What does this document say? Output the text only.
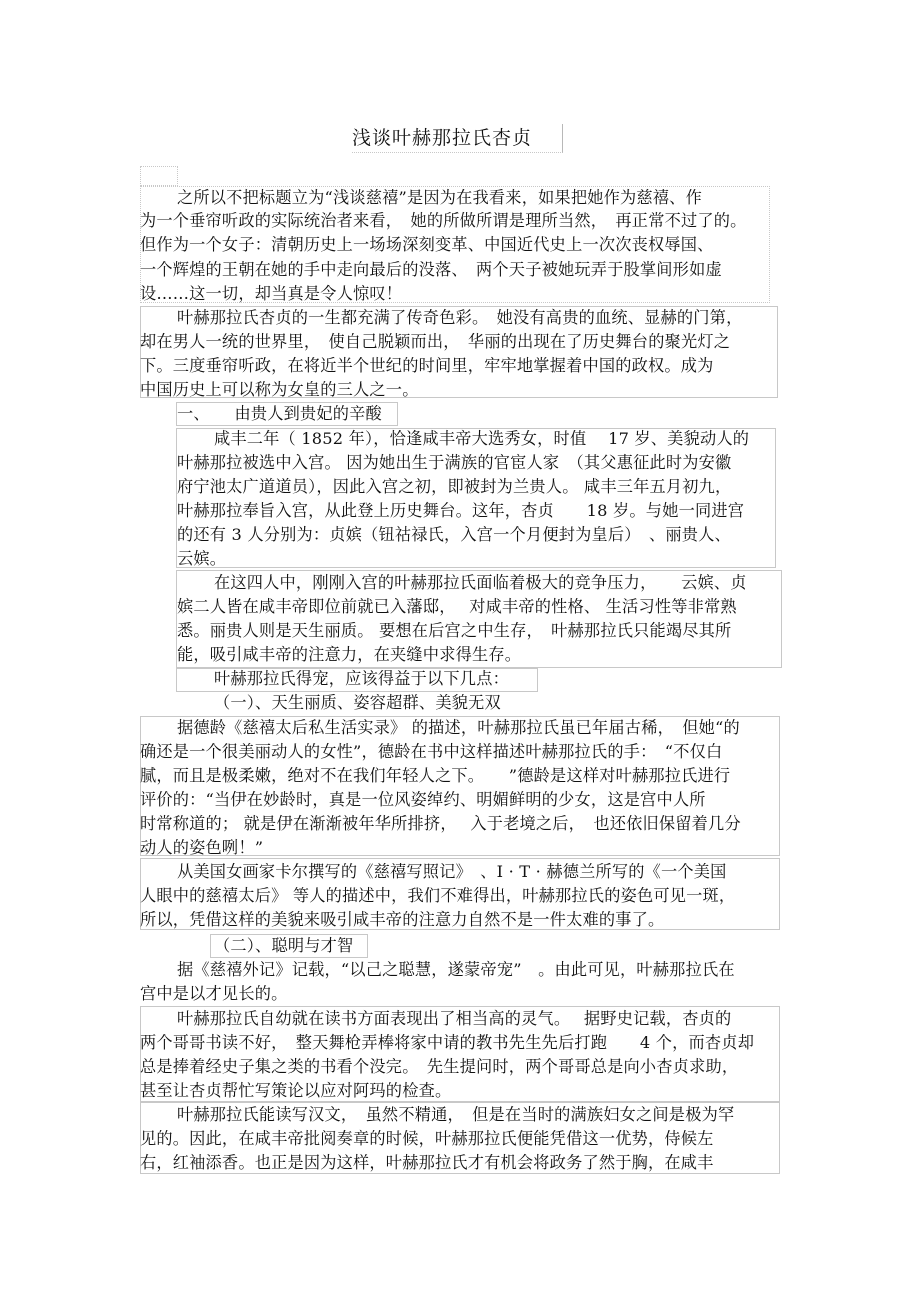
浅谈叶赫那拉氏杏贞
之所以不把标题立为“浅谈慈禧”是因为在我看来，如果把她作为慈禧、作
为一个垂帘听政的实际统治者来看，　她的所做所谓是理所当然，　再正常不过了的。
但作为一个女子：清朝历史上一场场深刻变革、中国近代史上一次次丧权辱国、
一个辉煌的王朝在她的手中走向最后的没落、　两个天子被她玩弄于股掌间形如虚
设……这一切，却当真是令人惊叹！
叶赫那拉氏杏贞的一生都充满了传奇色彩。　她没有高贵的血统、显赫的门第，
却在男人一统的世界里，　使自己脱颖而出，　华丽的出现在了历史舞台的聚光灯之
下。三度垂帘听政，在将近半个世纪的时间里，牢牢地掌握着中国的政权。成为
中国历史上可以称为女皇的三人之一。
一、　　由贵人到贵妃的辛酸
咸丰二年（ 1852 年），恰逢咸丰帝大选秀女，时值　 17 岁、美貌动人的
叶赫那拉被选中入宫。 因为她出生于满族的官宦人家　（其父惠征此时为安徽
府宁池太广道道员），因此入宫之初，即被封为兰贵人。 咸丰三年五月初九，
叶赫那拉奉旨入宫，从此登上历史舞台。这年，杏贞　　18 岁。与她一同进宫
的还有 3 人分别为：贞嫔（钮祜禄氏，入宫一个月便封为皇后）　、丽贵人、
云嫔。
在这四人中，刚刚入宫的叶赫那拉氏面临着极大的竞争压力，　　云嫔、贞
嫔二人皆在咸丰帝即位前就已入藩邸，　 对咸丰帝的性格、 生活习性等非常熟
悉。丽贵人则是天生丽质。 要想在后宫之中生存，　叶赫那拉氏只能竭尽其所
能，吸引咸丰帝的注意力，在夹缝中求得生存。
叶赫那拉氏得宠，应该得益于以下几点：
（一）、天生丽质、姿容超群、美貌无双
据德龄《慈禧太后私生活实录》 的描述，叶赫那拉氏虽已年届古稀，　但她“的
确还是一个很美丽动人的女性”，德龄在书中这样描述叶赫那拉氏的手：　“不仅白
腻，而且是极柔嫩，绝对不在我们年轻人之下。　　”德龄是这样对叶赫那拉氏进行
评价的：“当伊在妙龄时，真是一位风姿绰约、明媚鲜明的少女，这是宫中人所
时常称道的； 就是伊在渐渐被年华所排挤，　 入于老境之后，　也还依旧保留着几分
动人的姿色咧！”
从美国女画家卡尔撰写的《慈禧写照记》　、I · T · 赫德兰所写的《一个美国
人眼中的慈禧太后》 等人的描述中，我们不难得出，叶赫那拉氏的姿色可见一斑，
所以，凭借这样的美貌来吸引咸丰帝的注意力自然不是一件太难的事了。
（二）、聪明与才智
据《慈禧外记》记载，“以己之聪慧，遂蒙帝宠”　。由此可见，叶赫那拉氏在
宫中是以才见长的。
叶赫那拉氏自幼就在读书方面表现出了相当高的灵气。　 据野史记载，杏贞的
两个哥哥书读不好，　整天舞枪弄棒将家中请的教书先生先后打跑　　4 个，而杏贞却
总是捧着经史子集之类的书看个没完。　先生提问时，两个哥哥总是向小杏贞求助，
甚至让杏贞帮忙写策论以应对阿玛的检查。
叶赫那拉氏能读写汉文，　虽然不精通，　但是在当时的满族妇女之间是极为罕
见的。因此，在咸丰帝批阅奏章的时候，叶赫那拉氏便能凭借这一优势，侍候左
右，红袖添香。也正是因为这样，叶赫那拉氏才有机会将政务了然于胸，在咸丰
